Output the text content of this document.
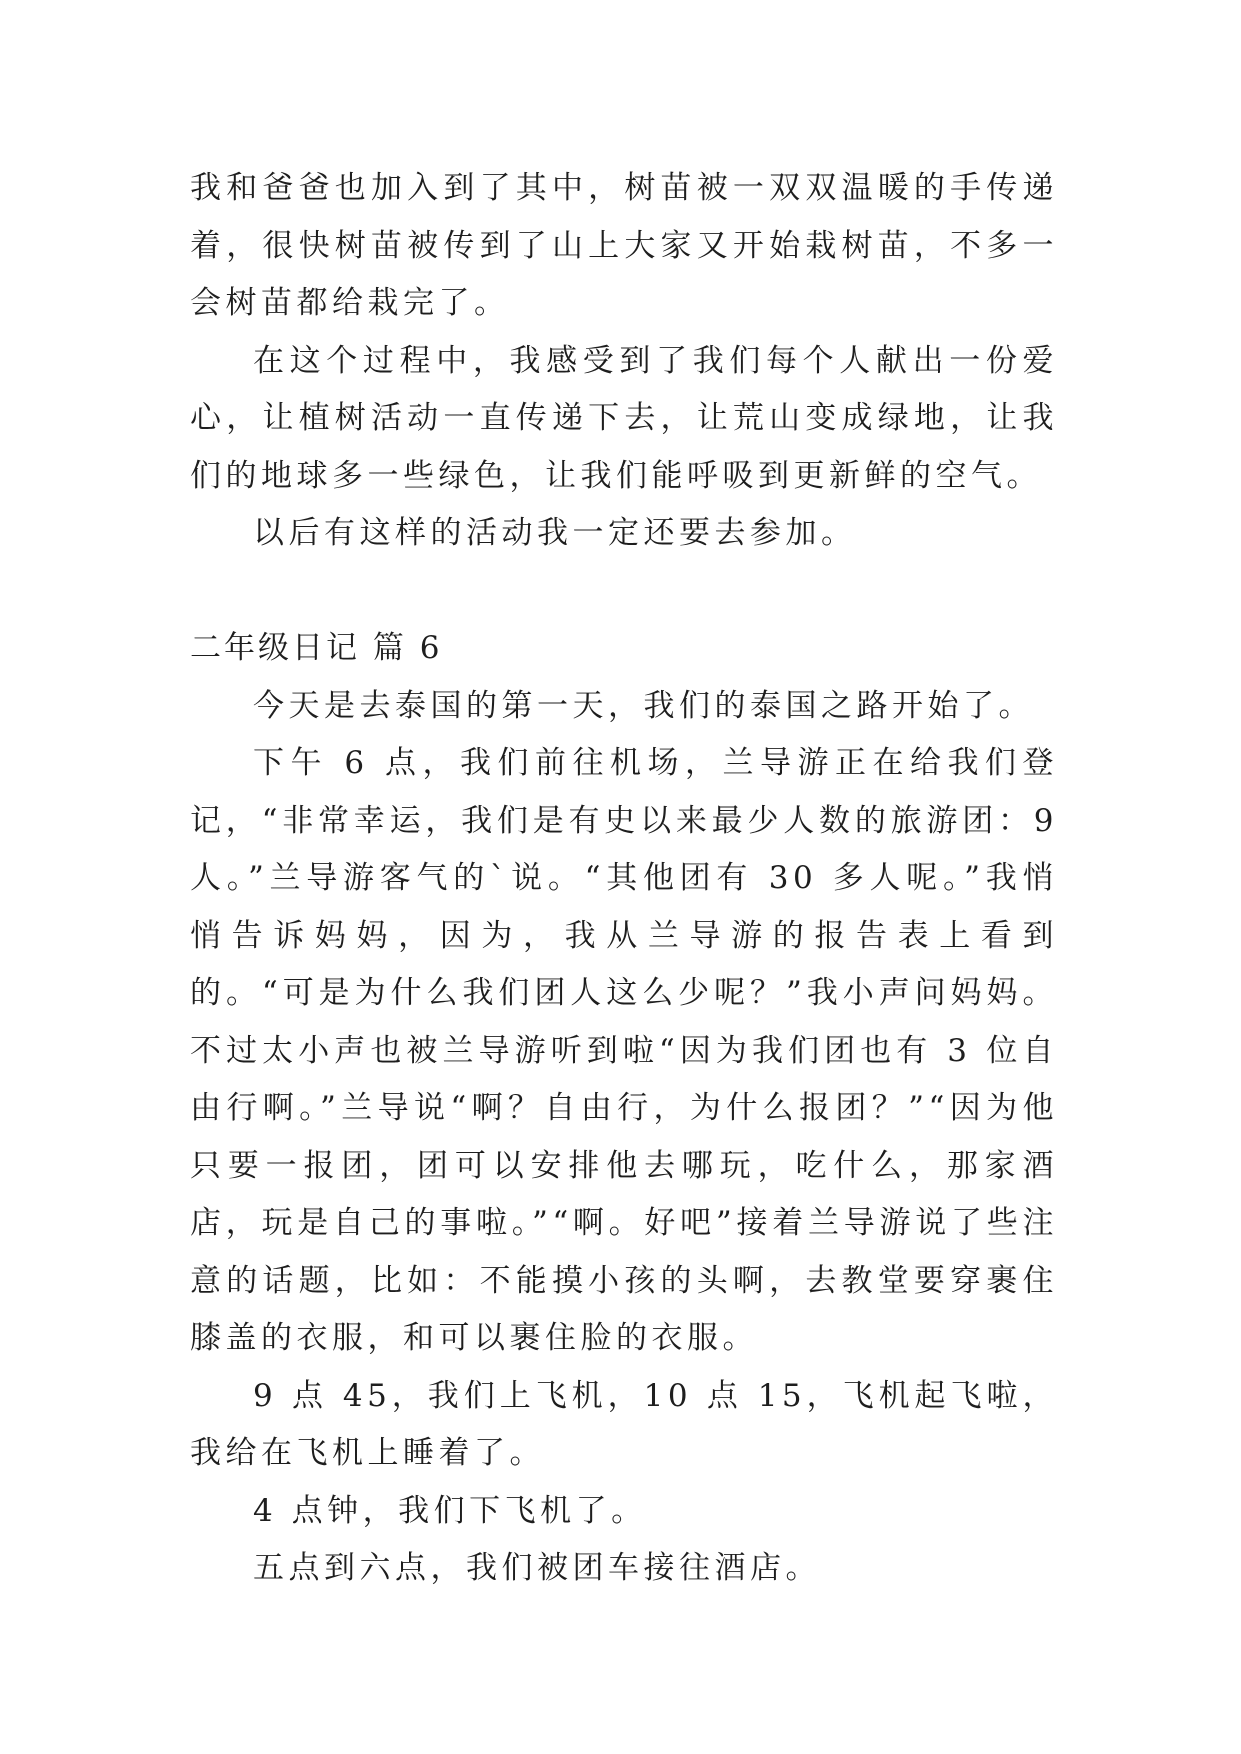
我和爸爸也加入到了其中，树苗被一双双温暖的手传递着，很快树苗被传到了山上大家又开始栽树苗，不多一会树苗都给栽完了。

在这个过程中，我感受到了我们每个人献出一份爱心，让植树活动一直传递下去，让荒山变成绿地，让我们的地球多一些绿色，让我们能呼吸到更新鲜的空气。

以后有这样的活动我一定还要去参加。

二年级日记 篇 6

今天是去泰国的第一天，我们的泰国之路开始了。

下午 6 点，我们前往机场，兰导游正在给我们登记，“非常幸运，我们是有史以来最少人数的旅游团：9 人。”兰导游客气的`说。“其他团有 30 多人呢。”我悄悄告诉妈妈，因为，我从兰导游的报告表上看到的。“可是为什么我们团人这么少呢？”我小声问妈妈。不过太小声也被兰导游听到啦“因为我们团也有 3 位自由行啊。”兰导说“啊？自由行，为什么报团？”“因为他只要一报团，团可以安排他去哪玩，吃什么，那家酒店，玩是自己的事啦。”“啊。好吧”接着兰导游说了些注意的话题，比如：不能摸小孩的头啊，去教堂要穿裹住膝盖的衣服，和可以裹住脸的衣服。

9 点 45，我们上飞机，10 点 15，飞机起飞啦，我给在飞机上睡着了。

4 点钟，我们下飞机了。

五点到六点，我们被团车接往酒店。
